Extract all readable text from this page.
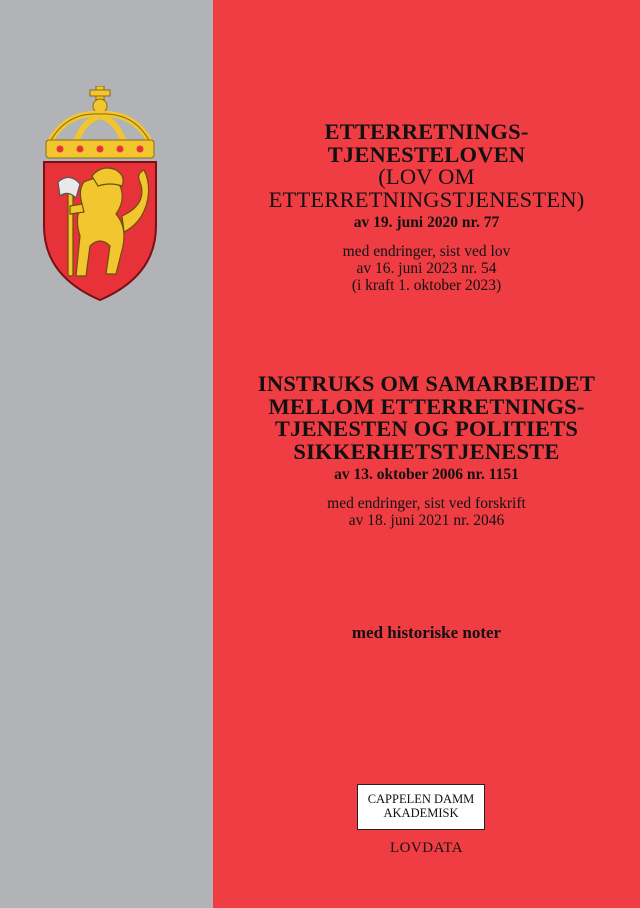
ETTERRETNINGS-
TJENESTELOVEN
(LOV OM
ETTERRETNINGSTJENESTEN)
av 19. juni 2020 nr. 77
med endringer, sist ved lov
av 16. juni 2023 nr. 54
(i kraft 1. oktober 2023)
INSTRUKS OM SAMARBEIDET
MELLOM ETTERRETNINGS-
TJENESTEN OG POLITIETS
SIKKERHETSTJENESTE
av 13. oktober 2006 nr. 1151
med endringer, sist ved forskrift
av 18. juni 2021 nr. 2046
med historiske noter
CAPPELEN DAMM
AKADEMISK
LOVDATA
